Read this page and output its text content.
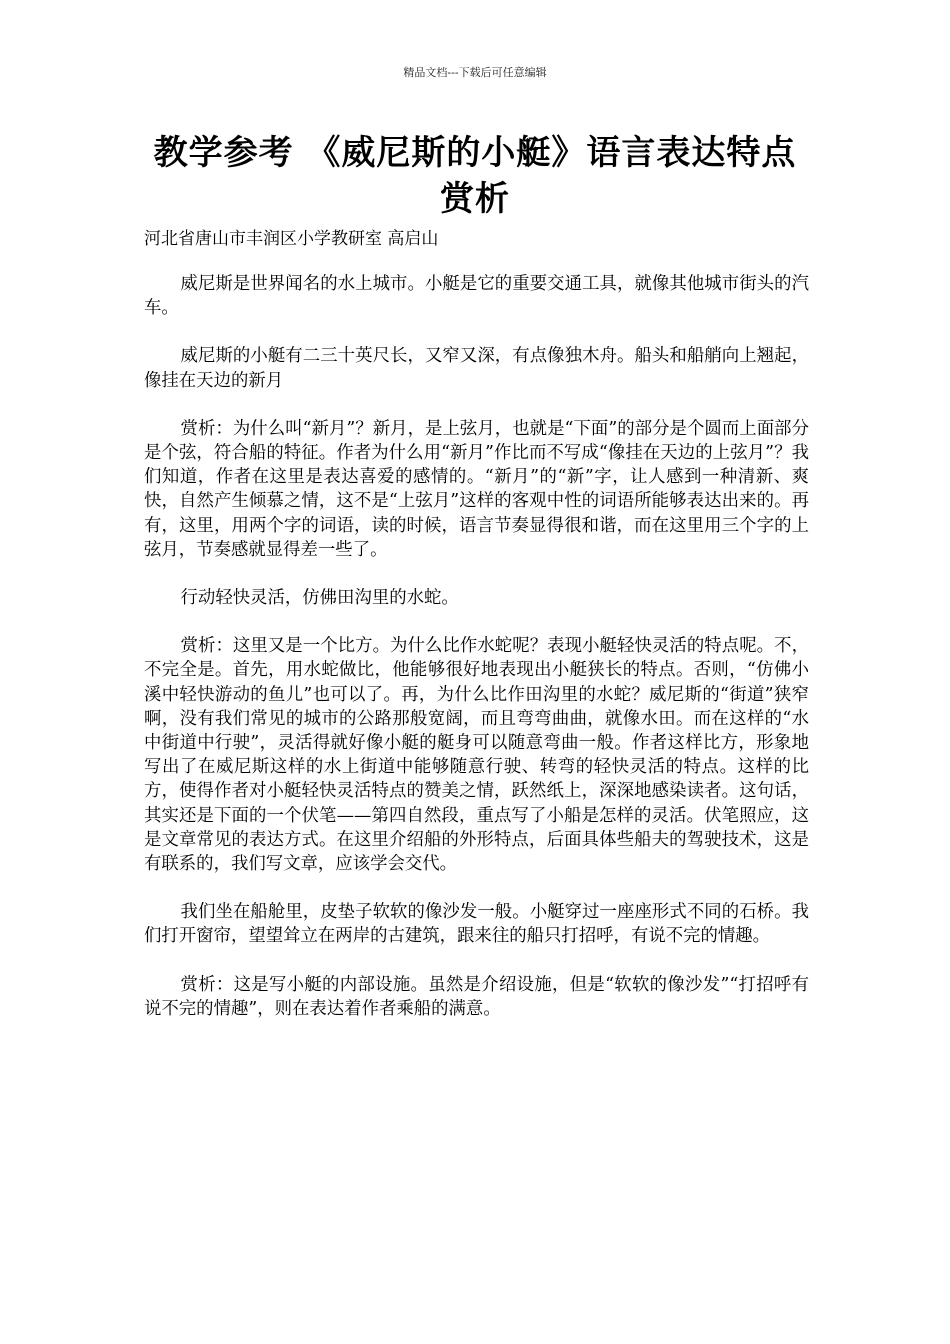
精品文档---下载后可任意编辑
教学参考 《威尼斯的小艇》语言表达特点赏析
河北省唐山市丰润区小学教研室 高启山

威尼斯是世界闻名的水上城市。小艇是它的重要交通工具，就像其他城市街头的汽车。

威尼斯的小艇有二三十英尺长，又窄又深，有点像独木舟。船头和船艄向上翘起，像挂在天边的新月

赏析：为什么叫“新月”？新月，是上弦月，也就是“下面”的部分是个圆而上面部分是个弦，符合船的特征。作者为什么用“新月”作比而不写成“像挂在天边的上弦月”？我们知道，作者在这里是表达喜爱的感情的。“新月”的“新”字，让人感到一种清新、爽快，自然产生倾慕之情，这不是“上弦月”这样的客观中性的词语所能够表达出来的。再有，这里，用两个字的词语，读的时候，语言节奏显得很和谐，而在这里用三个字的上弦月，节奏感就显得差一些了。

行动轻快灵活，仿佛田沟里的水蛇。

赏析：这里又是一个比方。为什么比作水蛇呢？表现小艇轻快灵活的特点呢。不，不完全是。首先，用水蛇做比，他能够很好地表现出小艇狭长的特点。否则，“仿佛小溪中轻快游动的鱼儿”也可以了。再，为什么比作田沟里的水蛇？威尼斯的“街道”狭窄啊，没有我们常见的城市的公路那般宽阔，而且弯弯曲曲，就像水田。而在这样的“水中街道中行驶”，灵活得就好像小艇的艇身可以随意弯曲一般。作者这样比方，形象地写出了在威尼斯这样的水上街道中能够随意行驶、转弯的轻快灵活的特点。这样的比方，使得作者对小艇轻快灵活特点的赞美之情，跃然纸上，深深地感染读者。这句话，其实还是下面的一个伏笔——第四自然段，重点写了小船是怎样的灵活。伏笔照应，这是文章常见的表达方式。在这里介绍船的外形特点，后面具体些船夫的驾驶技术，这是有联系的，我们写文章，应该学会交代。

我们坐在船舱里，皮垫子软软的像沙发一般。小艇穿过一座座形式不同的石桥。我们打开窗帘，望望耸立在两岸的古建筑，跟来往的船只打招呼，有说不完的情趣。

赏析：这是写小艇的内部设施。虽然是介绍设施，但是“软软的像沙发”“打招呼有说不完的情趣”，则在表达着作者乘船的满意。
